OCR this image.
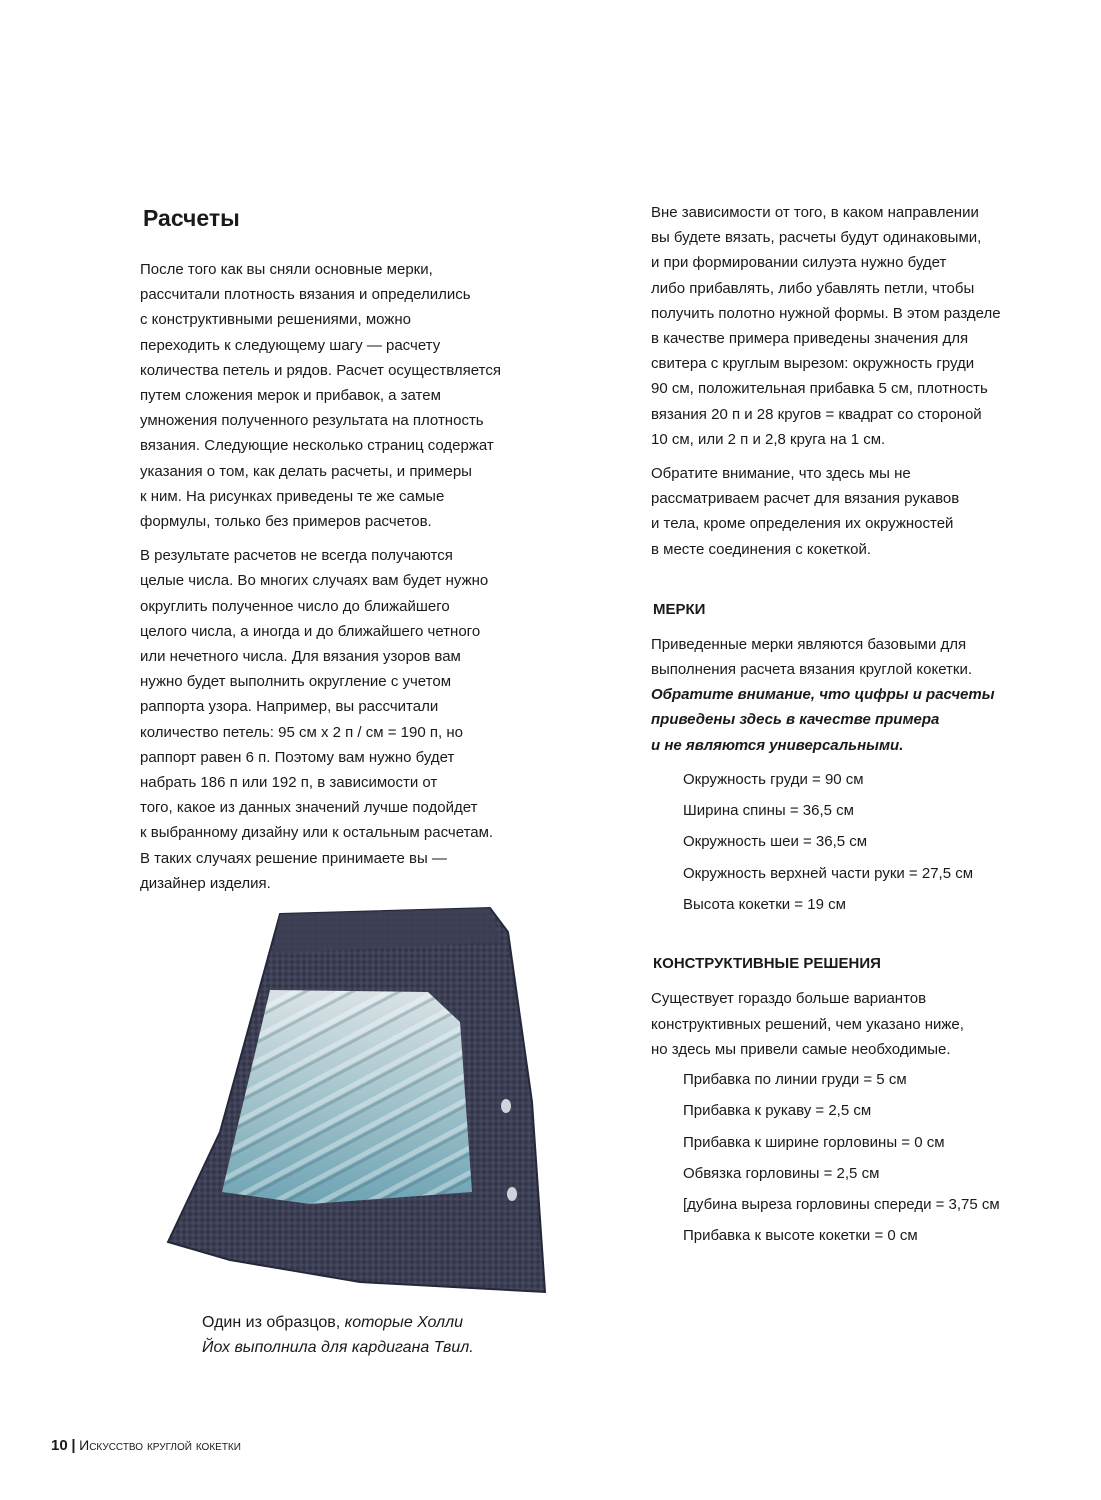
Расчеты

После того как вы сняли основные мерки,

рассчитали плотность вязания и определились

с конструктивными решениями, можно

переходить к следующему шагу — расчету

количества петель и рядов. Расчет осуществляется

путем сложения мерок и прибавок, а затем

умножения полученного результата на плотность

вязания. Следующие несколько страниц содержат

указания о том, как делать расчеты, и примеры

к ним. На рисунках приведены те же самые

формулы, только без примеров расчетов.

В результате расчетов не всегда получаются

целые числа. Во многих случаях вам будет нужно

округлить полученное число до ближайшего

целого числа, а иногда и до ближайшего четного

или нечетного числа. Для вязания узоров вам

нужно будет выполнить округление с учетом

раппорта узора. Например, вы рассчитали

количество петель: 95 см x 2 п / см = 190 п, но

раппорт равен 6 п. Поэтому вам нужно будет

набрать 186 п или 192 п, в зависимости от

того, какое из данных значений лучше подойдет

к выбранному дизайну или к остальным расчетам.

В таких случаях решение принимаете вы —

дизайнер изделия.

Один из образцов, которые Холли

Йох выполнила для кардигана Твил.

Вне зависимости от того, в каком направлении

вы будете вязать, расчеты будут одинаковыми,

и при формировании силуэта нужно будет

либо прибавлять, либо убавлять петли, чтобы

получить полотно нужной формы. В этом разделе

в качестве примера приведены значения для

свитера с круглым вырезом: окружность груди

90 см, положительная прибавка 5 см, плотность

вязания 20 п и 28 кругов = квадрат со стороной

10 см, или 2 п и 2,8 круга на 1 см.

Обратите внимание, что здесь мы не

рассматриваем расчет для вязания рукавов

и тела, кроме определения их окружностей

в месте соединения с кокеткой.

МЕРКИ

Приведенные мерки являются базовыми для

выполнения расчета вязания круглой кокетки.

Обратите внимание, что цифры и расчеты

приведены здесь в качестве примера

и не являются универсальными.

Окружность груди = 90 см
Ширина спины = 36,5 см
Окружность шеи = 36,5 см
Окружность верхней части руки = 27,5 см
Высота кокетки = 19 см
КОНСТРУКТИВНЫЕ РЕШЕНИЯ

Существует гораздо больше вариантов

конструктивных решений, чем указано ниже,

но здесь мы привели самые необходимые.

Прибавка по линии груди = 5 см
Прибавка к рукаву = 2,5 см
Прибавка к ширине горловины = 0 см
Обвязка горловины = 2,5 см
[дубина выреза горловины спереди = 3,75 см
Прибавка к высоте кокетки = 0 см
10 | Искусство круглой кокетки
